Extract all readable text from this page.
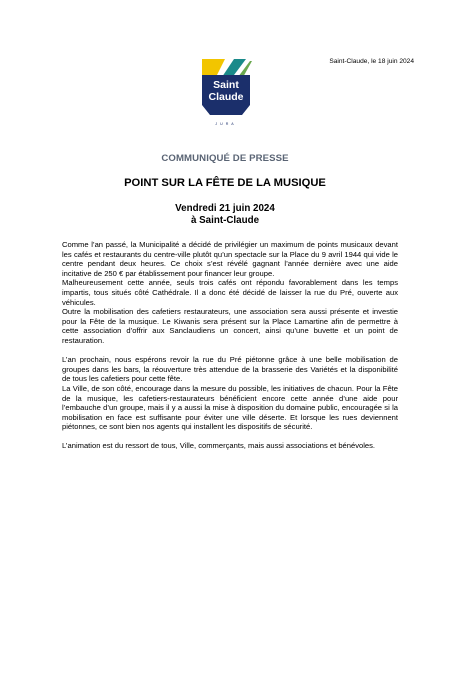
Saint-Claude, le 18 juin 2024
Saint
Claude
JURA
COMMUNIQUÉ DE PRESSE
POINT SUR LA FÊTE DE LA MUSIQUE
Vendredi 21 juin 2024
à Saint-Claude

Comme l’an passé, la Municipalité a décidé de privilégier un maximum de points musicaux devant les cafés et restaurants du centre-ville plutôt qu’un spectacle sur la Place du 9 avril 1944 qui vide le centre pendant deux heures. Ce choix s’est révélé gagnant l’année dernière avec une aide incitative de 250 € par établissement pour financer leur groupe.

Malheureusement cette année, seuls trois cafés ont répondu favorablement dans les temps impartis, tous situés côté Cathédrale. Il a donc été décidé de laisser la rue du Pré, ouverte aux véhicules.

Outre la mobilisation des cafetiers restaurateurs, une association sera aussi présente et investie pour la Fête de la musique. Le Kiwanis sera présent sur la Place Lamartine afin de permettre à cette association d’offrir aux Sanclaudiens un concert, ainsi qu’une buvette et un point de restauration.

L’an prochain, nous espérons revoir la rue du Pré piétonne grâce à une belle mobilisation de groupes dans les bars, la réouverture très attendue de la brasserie des Variétés et la disponibilité de tous les cafetiers pour cette fête.

La Ville, de son côté, encourage dans la mesure du possible, les initiatives de chacun. Pour la Fête de la musique, les cafetiers-restaurateurs bénéficient encore cette année d’une aide pour l’embauche d’un groupe, mais il y a aussi la mise à disposition du domaine public, encouragée si la mobilisation en face est suffisante pour éviter une ville déserte. Et lorsque les rues deviennent piétonnes, ce sont bien nos agents qui installent les dispositifs de sécurité.

L’animation est du ressort de tous, Ville, commerçants, mais aussi associations et bénévoles.
